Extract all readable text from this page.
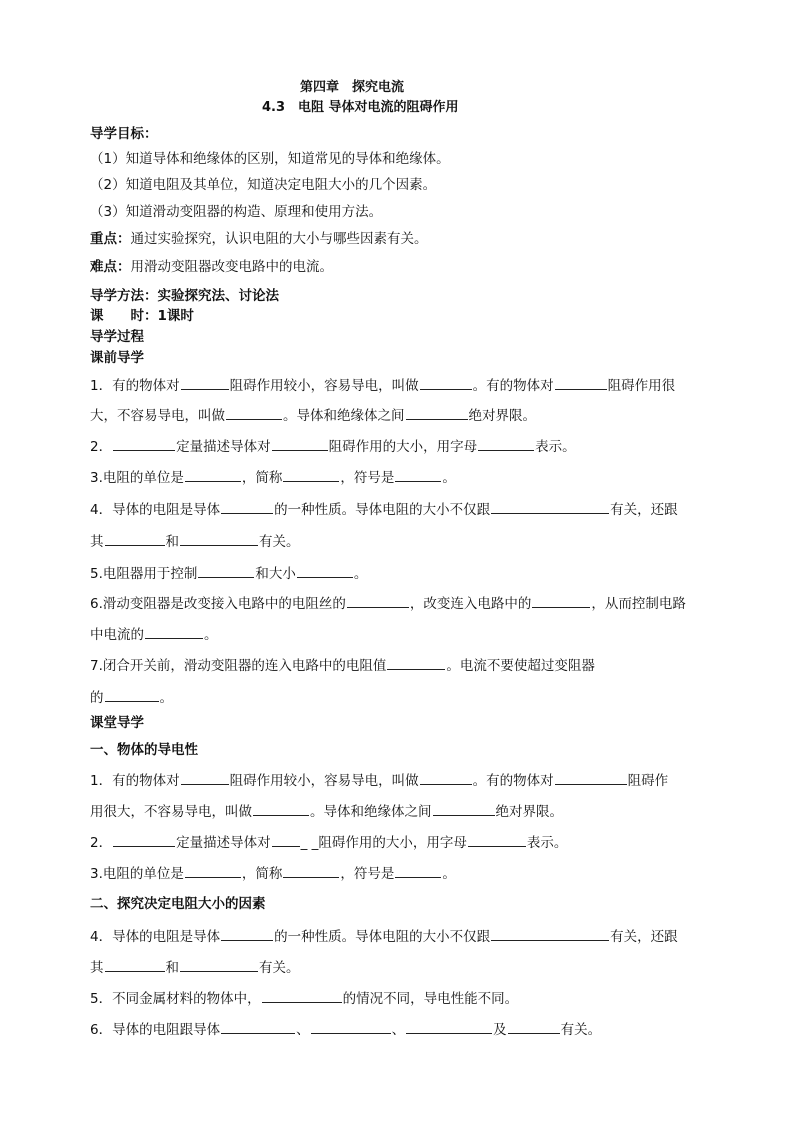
第四章　探究电流
4.3　电阻 导体对电流的阻碍作用
导学目标：
（1）知道导体和绝缘体的区别，知道常见的导体和绝缘体。
（2）知道电阻及其单位，知道决定电阻大小的几个因素。
（3）知道滑动变阻器的构造、原理和使用方法。
重点：通过实验探究，认识电阻的大小与哪些因素有关。
难点：用滑动变阻器改变电路中的电流。
导学方法：实验探究法、讨论法
课　　时：1课时
导学过程
课前导学
1．有的物体对	阻碍作用较小，容易导电，叫做	。有的物体对	阻碍作用很
大，不容易导电，叫做	。导体和绝缘体之间	绝对界限。
2．	定量描述导体对	阻碍作用的大小，用字母	表示。
3.电阻的单位是	，简称	，符号是	。
4．导体的电阻是导体	的一种性质。导体电阻的大小不仅跟	有关，还跟
其	和	有关。
5.电阻器用于控制	和大小	。
6.滑动变阻器是改变接入电路中的电阻丝的	，改变连入电路中的	，从而控制电路
中电流的	。
7.闭合开关前，滑动变阻器的连入电路中的电阻值	。电流不要使超过变阻器
的	。
课堂导学
一、物体的导电性
1．有的物体对	阻碍作用较小，容易导电，叫做	。有的物体对	阻碍作
用很大，不容易导电，叫做	。导体和绝缘体之间	绝对界限。
2．	定量描述导体对 _ _阻碍作用的大小，用字母	表示。
3.电阻的单位是	，简称	，符号是	。
二、探究决定电阻大小的因素
4．导体的电阻是导体	的一种性质。导体电阻的大小不仅跟	有关，还跟
其	和	有关。
5．不同金属材料的物体中，	的情况不同，导电性能不同。
6．导体的电阻跟导体	、	、	及	有关。
